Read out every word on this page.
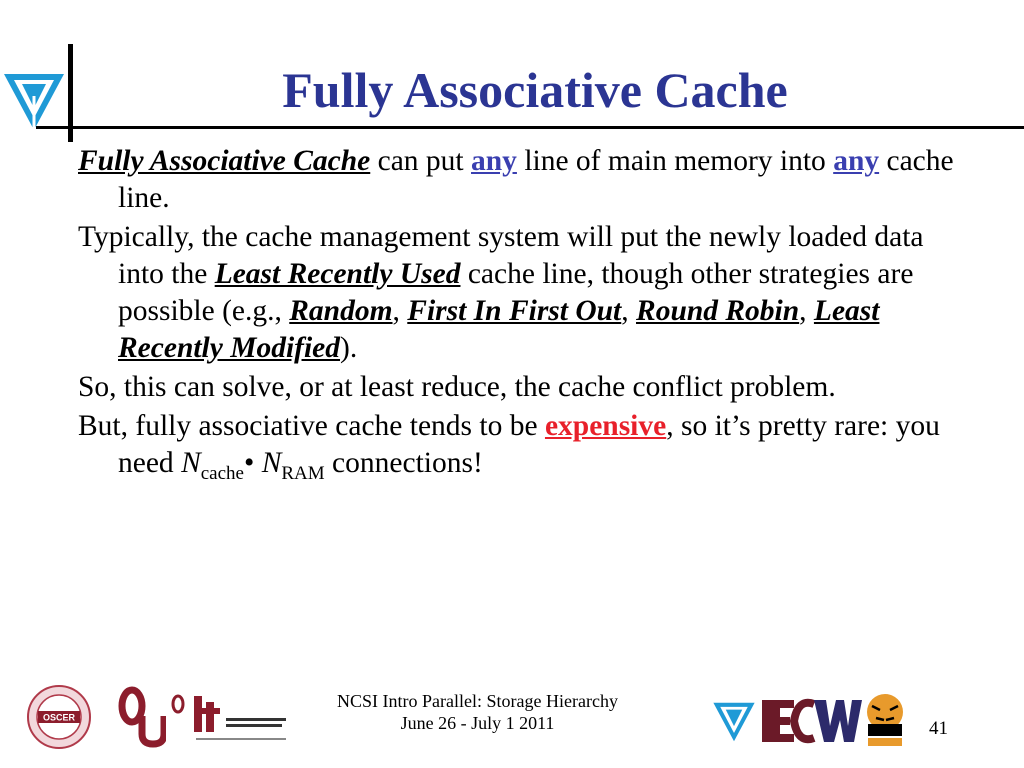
Fully Associative Cache

Fully Associative Cache can put any line of main memory into any cache line.

Typically, the cache management system will put the newly loaded data into the Least Recently Used cache line, though other strategies are possible (e.g., Random, First In First Out, Round Robin, Least Recently Modified).

So, this can solve, or at least reduce, the cache conflict problem.

But, fully associative cache tends to be expensive, so it’s pretty rare: you need $N_{cache}•$ $N_{RAM}$ connections!

OSCER
NCSI Intro Parallel: Storage Hierarchy
June 26 - July 1 2011	41
